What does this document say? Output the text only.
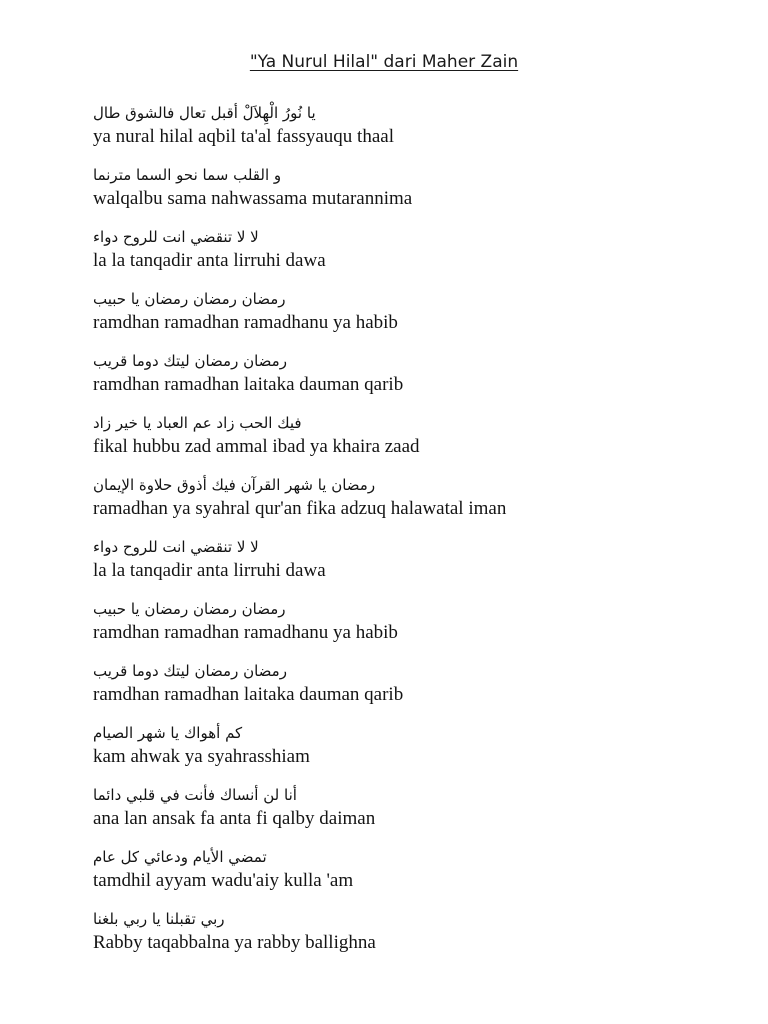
"Ya Nurul Hilal" dari Maher Zain
يا نُورُ الْهِلاَلْ أقبل تعال فالشوق طال
ya nural hilal aqbil ta'al fassyauqu thaal
و القلب سما نحو السما مترنما
walqalbu sama nahwassama mutarannima
لا لا تنقضي انت للروح دواء
la la tanqadir anta lirruhi dawa
رمضان رمضان رمضان يا حبيب
ramdhan ramadhan ramadhanu ya habib
رمضان رمضان ليتك دوما قريب
ramdhan ramadhan laitaka dauman qarib
فيك الحب زاد عم العباد يا خير زاد
fikal hubbu zad ammal ibad ya khaira zaad
رمضان يا شهر القرآن فيك أذوق حلاوة الإيمان
ramadhan ya syahral qur'an fika adzuq halawatal iman
لا لا تنقضي انت للروح دواء
la la tanqadir anta lirruhi dawa
رمضان رمضان رمضان يا حبيب
ramdhan ramadhan ramadhanu ya habib
رمضان رمضان ليتك دوما قريب
ramdhan ramadhan laitaka dauman qarib
كم أهواك يا شهر الصيام
kam ahwak ya syahrasshiam
أنا لن أنساك فأنت في قلبي دائما
ana lan ansak fa anta fi qalby daiman
تمضي الأيام ودعائي كل عام
tamdhil ayyam wadu'aiy kulla 'am
ربي تقبلنا يا ربي بلغنا
Rabby taqabbalna ya rabby ballighna
